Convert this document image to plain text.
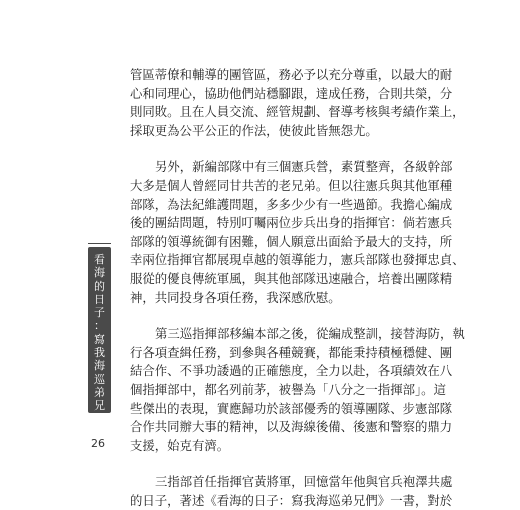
管區蒂僚和輔導的團管區，務必予以充分尊重，以最大的耐
心和同理心，協助他們站穩腳跟，達成任務，合則共榮，分
則同敗。且在人員交流、經管規劃、督導考核與考績作業上，
採取更為公平公正的作法，使彼此皆無怨尤。

另外，新編部隊中有三個憲兵營，素質整齊，各級幹部
大多是個人曾經同甘共苦的老兄弟。但以往憲兵與其他軍種
部隊，為法紀維護問題，多多少少有一些過節。我擔心編成
後的團結問題，特別叮囑兩位步兵出身的指揮官：倘若憲兵
部隊的領導統御有困難，個人願意出面給予最大的支持，所
幸兩位指揮官都展現卓越的領導能力，憲兵部隊也發揮忠貞、
服從的優良傳統軍風，與其他部隊迅速融合，培養出團隊精
神，共同投身各項任務，我深感欣慰。

第三巡指揮部移編本部之後，從編成整訓，接替海防，執
行各項查緝任務，到參與各種競賽，都能秉持積極穩健、團
結合作、不爭功諉過的正確態度，全力以赴，各項績效在八
個指揮部中，都名列前茅，被譽為「八分之一指揮部」。這
些傑出的表現，實應歸功於該部優秀的領導團隊、步憲部隊
合作共同辦大事的精神，以及海線後備、後憲和警察的鼎力
支援，始克有濟。

三指部首任指揮官黃將軍，回憶當年他與官兵袍澤共處
的日子，著述《看海的日子：寫我海巡弟兄們》一書，對於

看
海
的
日
子
：
寫
我
海
巡
弟
兄
們
26
